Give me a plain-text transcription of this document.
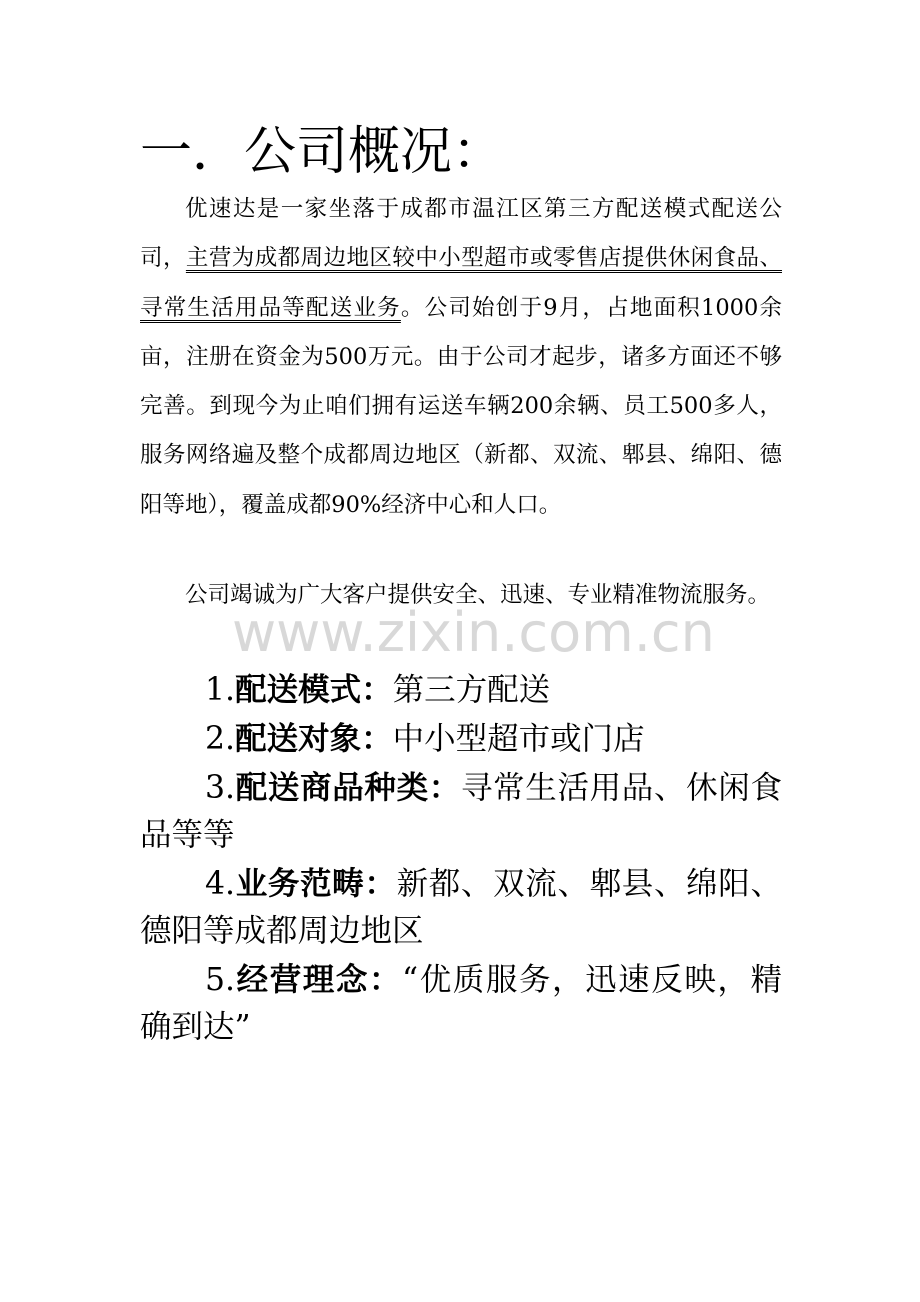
一．公司概况：

优速达是一家坐落于成都市温江区第三方配送模式配送公司，主营为成都周边地区较中小型超市或零售店提供休闲食品、寻常生活用品等配送业务。公司始创于9月，占地面积1000余亩，注册在资金为500万元。由于公司才起步，诸多方面还不够完善。到现今为止咱们拥有运送车辆200余辆、员工500多人，服务网络遍及整个成都周边地区（新都、双流、郫县、绵阳、德阳等地），覆盖成都90%经济中心和人口。

公司竭诚为广大客户提供安全、迅速、专业精准物流服务。

www.zixin.com.cn

1.配送模式：第三方配送

2.配送对象：中小型超市或门店

3.配送商品种类：寻常生活用品、休闲食品等等

4.业务范畴：新都、双流、郫县、绵阳、德阳等成都周边地区

5.经营理念：“优质服务，迅速反映，精确到达”
